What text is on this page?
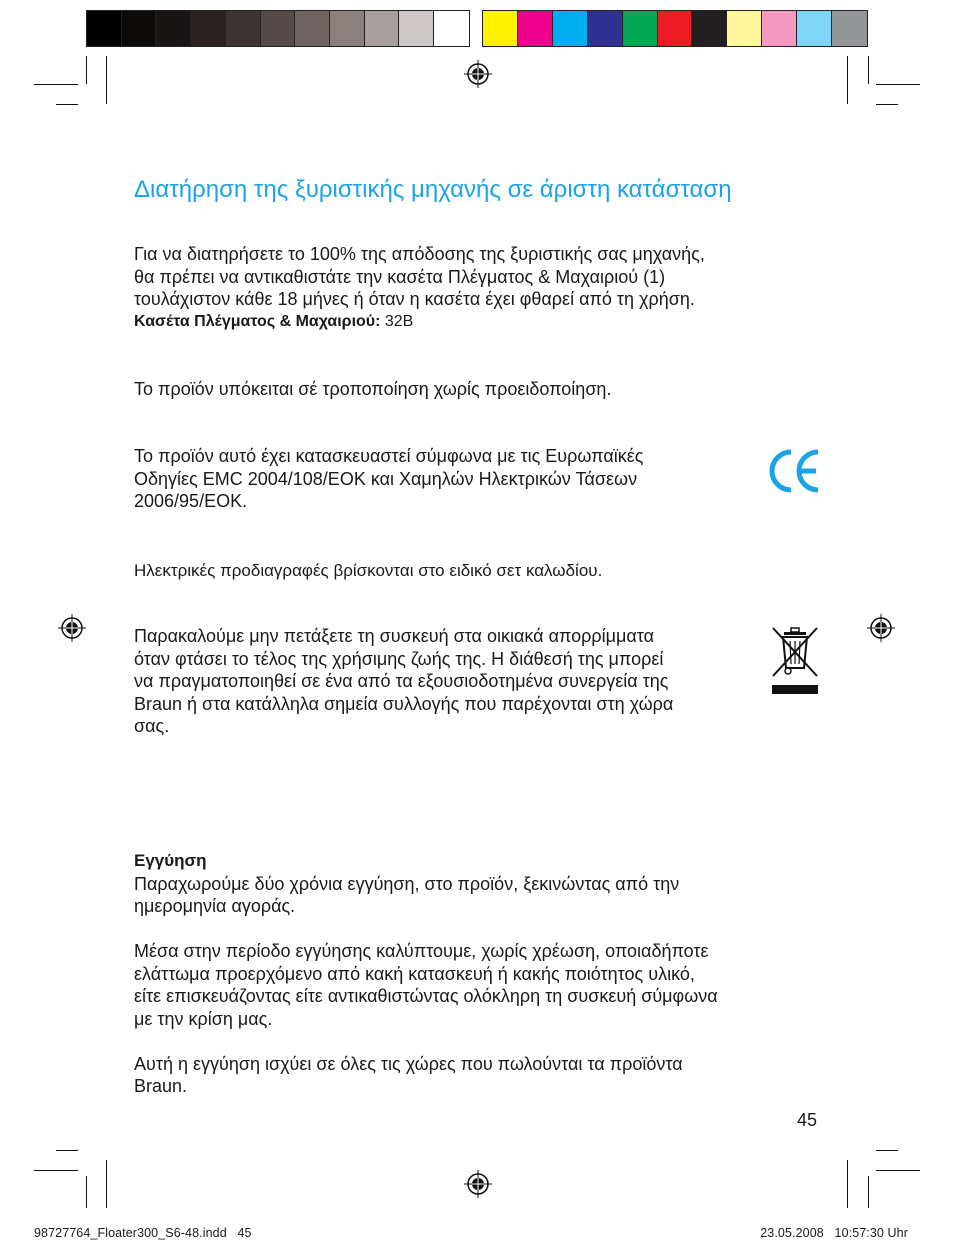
Διατήρηση της ξυριστικής μηχανής σε άριστη κατάσταση
Για να διατηρήσετε το 100% της απόδοσης της ξυριστικής σας μηχανής,
θα πρέπει να αντικαθιστάτε την κασέτα Πλέγματος & Μαχαιριού (1)
τουλάχιστον κάθε 18 μήνες ή όταν η κασέτα έχει φθαρεί από τη χρήση.
Κασέτα Πλέγματος & Μαχαιριού: 32B
Το προϊόν υπόκειται σέ τροποποίηση χωρίς προειδοποίηση.
Το προϊόν αυτό έχει κατασκευαστεί σύμφωνα με τις Ευρωπαϊκές
Οδηγίες EMC 2004/108/EOK και Χαμηλών Ηλεκτρικών Τάσεων
2006/95/EOK.
Ηλεκτρικές προδιαγραφές βρίσκονται στο ειδικό σετ καλωδίου.
Παρακαλούμε μην πετάξετε τη συσκευή στα οικιακά απορρίμματα
όταν φτάσει το τέλος της χρήσιμης ζωής της. Η διάθεσή της μπορεί
να πραγματοποιηθεί σε ένα από τα εξουσιοδοτημένα συνεργεία της
Braun ή στα κατάλληλα σημεία συλλογής που παρέχονται στη χώρα
σας.
Εγγύηση
Παραχωρούμε δύο χρόνια εγγύηση, στο προϊόν, ξεκινώντας από την
ημερομηνία αγοράς.
Μέσα στην περίοδο εγγύησης καλύπτουμε, χωρίς χρέωση, οποιαδήποτε
ελάττωμα προερχόμενο από κακή κατασκευή ή κακής ποιότητος υλικό,
είτε επισκευάζοντας είτε αντικαθιστώντας ολόκληρη τη συσκευή σύμφωνα
με την κρίση μας.
Αυτή η εγγύηση ισχύει σε όλες τις χώρες που πωλούνται τα προϊόντα
Braun.
45
98727764_Floater300_S6-48.indd   45	23.05.2008   10:57:30 Uhr
